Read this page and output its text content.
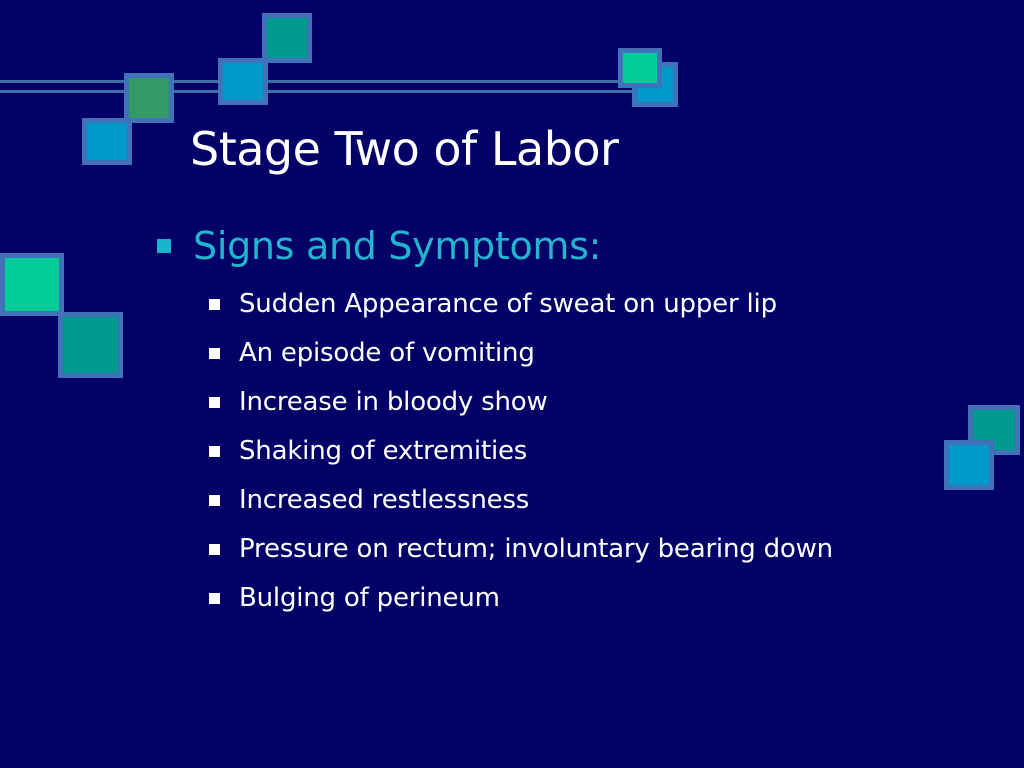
Stage Two of Labor
Signs and Symptoms:
Sudden Appearance of sweat on upper lip
An episode of vomiting
Increase in bloody show
Shaking of extremities
Increased restlessness
Pressure on rectum; involuntary bearing down
Bulging of perineum
